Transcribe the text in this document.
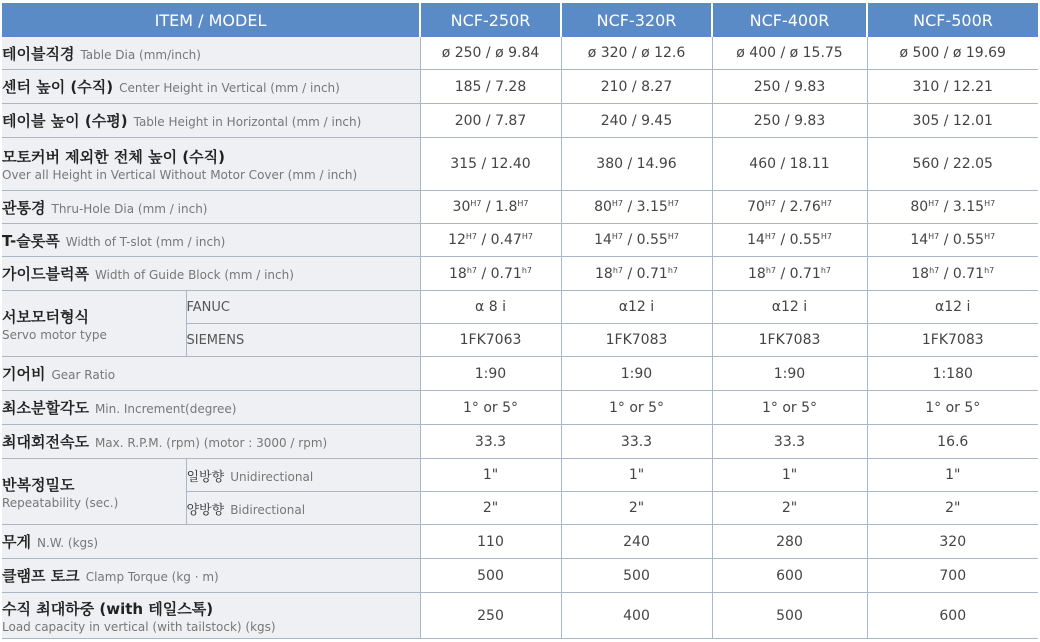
ITEM / MODEL		NCF-250R	NCF-320R	NCF-400R	NCF-500R
테이블직경 Table Dia (mm/inch)		ø 250 / ø 9.84	ø 320 / ø 12.6	ø 400 / ø 15.75	ø 500 / ø 19.69
센터 높이 (수직) Center Height in Vertical (mm / inch)		185 / 7.28	210 / 8.27	250 / 9.83	310 / 12.21
테이블 높이 (수평) Table Height in Horizontal (mm / inch)		200 / 7.87	240 / 9.45	250 / 9.83	305 / 12.01
모토커버 제외한 전체 높이 (수직)
Over all Height in Vertical Without Motor Cover (mm / inch)		315 / 12.40	380 / 14.96	460 / 18.11	560 / 22.05
관통경 Thru-Hole Dia (mm / inch)		$30^{H7} / 1.8^{H7}$	$80^{H7} / 3.15^{H7}$	$70^{H7} / 2.76^{H7}$	$80^{H7} / 3.15^{H7}$
T-슬롯폭 Width of T-slot (mm / inch)		$12^{H7} / 0.47^{H7}$	$14^{H7} / 0.55^{H7}$	$14^{H7} / 0.55^{H7}$	$14^{H7} / 0.55^{H7}$
가이드블럭폭 Width of Guide Block (mm / inch)		$18^{h7} / 0.71^{h7}$	$18^{h7} / 0.71^{h7}$	$18^{h7} / 0.71^{h7}$	$18^{h7} / 0.71^{h7}$
서보모터형식
Servo motor type	FANUC	α 8 i	α12 i	α12 i	α12 i
	SIEMENS	1FK7063	1FK7083	1FK7083	1FK7083
기어비 Gear Ratio		1:90	1:90	1:90	1:180
최소분할각도 Min. Increment(degree)		1° or 5°	1° or 5°	1° or 5°	1° or 5°
최대회전속도 Max. R.P.M. (rpm) (motor : 3000 / rpm)		33.3	33.3	33.3	16.6
반복정밀도
Repeatability (sec.)	일방향 Unidirectional	1"	1"	1"	1"
	양방향 Bidirectional	2"	2"	2"	2"
무게 N.W. (kgs)		110	240	280	320
클램프 토크 Clamp Torque (kg · m)		500	500	600	700
수직 최대하중 (with 테일스톡)
Load capacity in vertical (with tailstock) (kgs)		250	400	500	600
